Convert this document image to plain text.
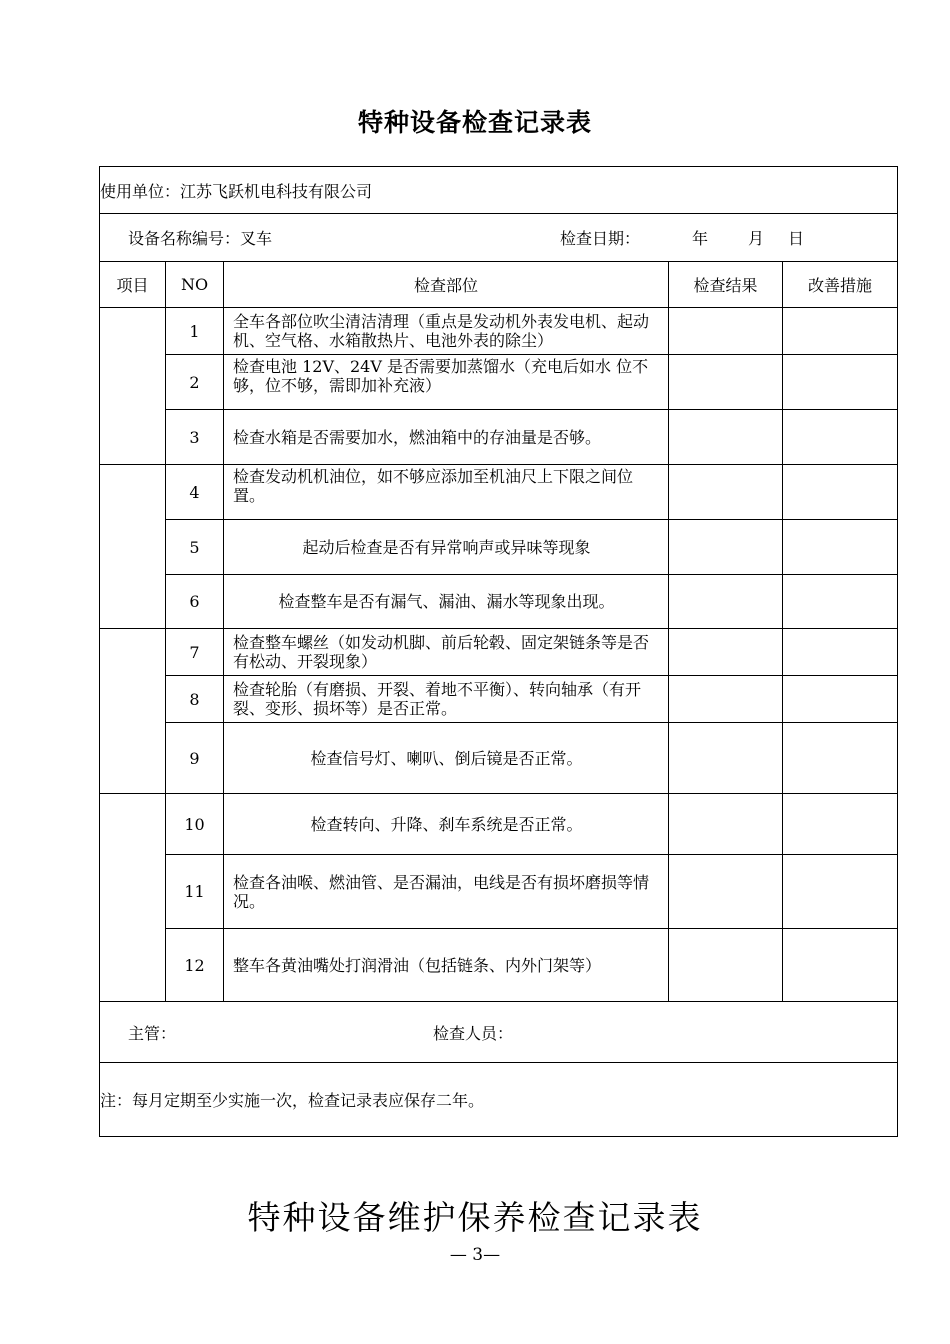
特种设备检查记录表
使用单位：江苏飞跃机电科技有限公司				

设备名称编号：叉车 检查日期： 年 月 日				

项目	NO	检查部位	检查结果	改善措施
	1	全车各部位吹尘清洁清理（重点是发动机外表发电机、起动机、空气格、水箱散热片、电池外表的除尘）		
	2	检查电池 12V、24V 是否需要加蒸馏水（充电后如水 位不够，位不够，需即加补充液）		
	3	检查水箱是否需要加水，燃油箱中的存油量是否够。		
	4	检查发动机机油位，如不够应添加至机油尺上下限之间位置。		
	5	起动后检查是否有异常响声或异味等现象		
	6	检查整车是否有漏气、漏油、漏水等现象出现。		
	7	检查整车螺丝（如发动机脚、前后轮毂、固定架链条等是否有松动、开裂现象）		
	8	检查轮胎（有磨损、开裂、着地不平衡）、转向轴承（有开裂、变形、损坏等）是否正常。		
	9	检查信号灯、喇叭、倒后镜是否正常。		
	10	检查转向、升降、刹车系统是否正常。		
	11	检查各油喉、燃油管、是否漏油，电线是否有损坏磨损等情况。		
	12	整车各黄油嘴处打润滑油（包括链条、内外门架等）		

主管： 检查人员：				

注：每月定期至少实施一次，检查记录表应保存二年。				
特种设备维护保养检查记录表
— 3—
